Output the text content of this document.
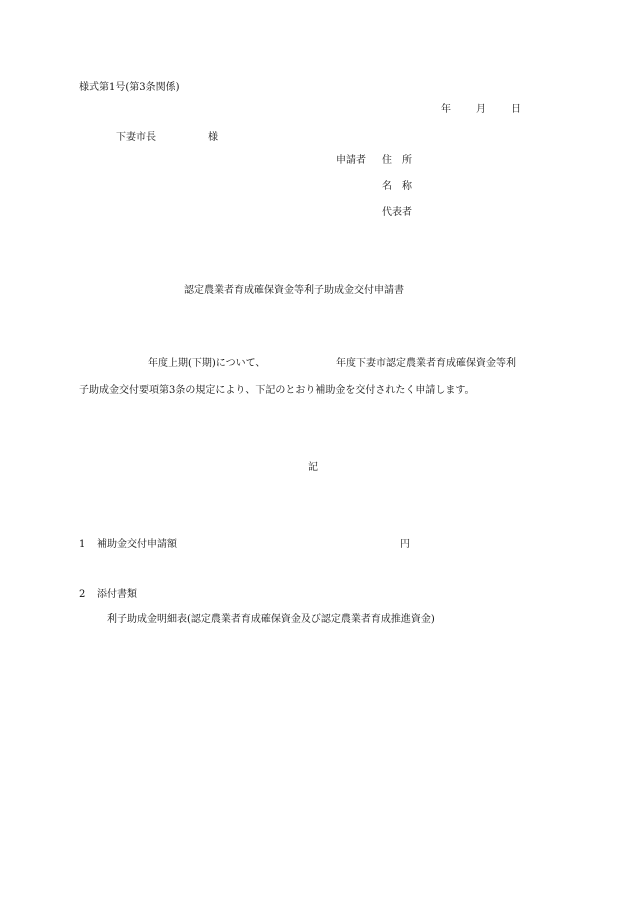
様式第1号(第3条関係)
年	月	日
下妻市長	様
申請者 住　所
名　称
代表者
認定農業者育成確保資金等利子助成金交付申請書
年度上期(下期)について、	年度下妻市認定農業者育成確保資金等利
子助成金交付要項第3条の規定により、下記のとおり補助金を交付されたく申請します。
記
1 補助金交付申請額	円
2 添付書類
利子助成金明細表(認定農業者育成確保資金及び認定農業者育成推進資金)
